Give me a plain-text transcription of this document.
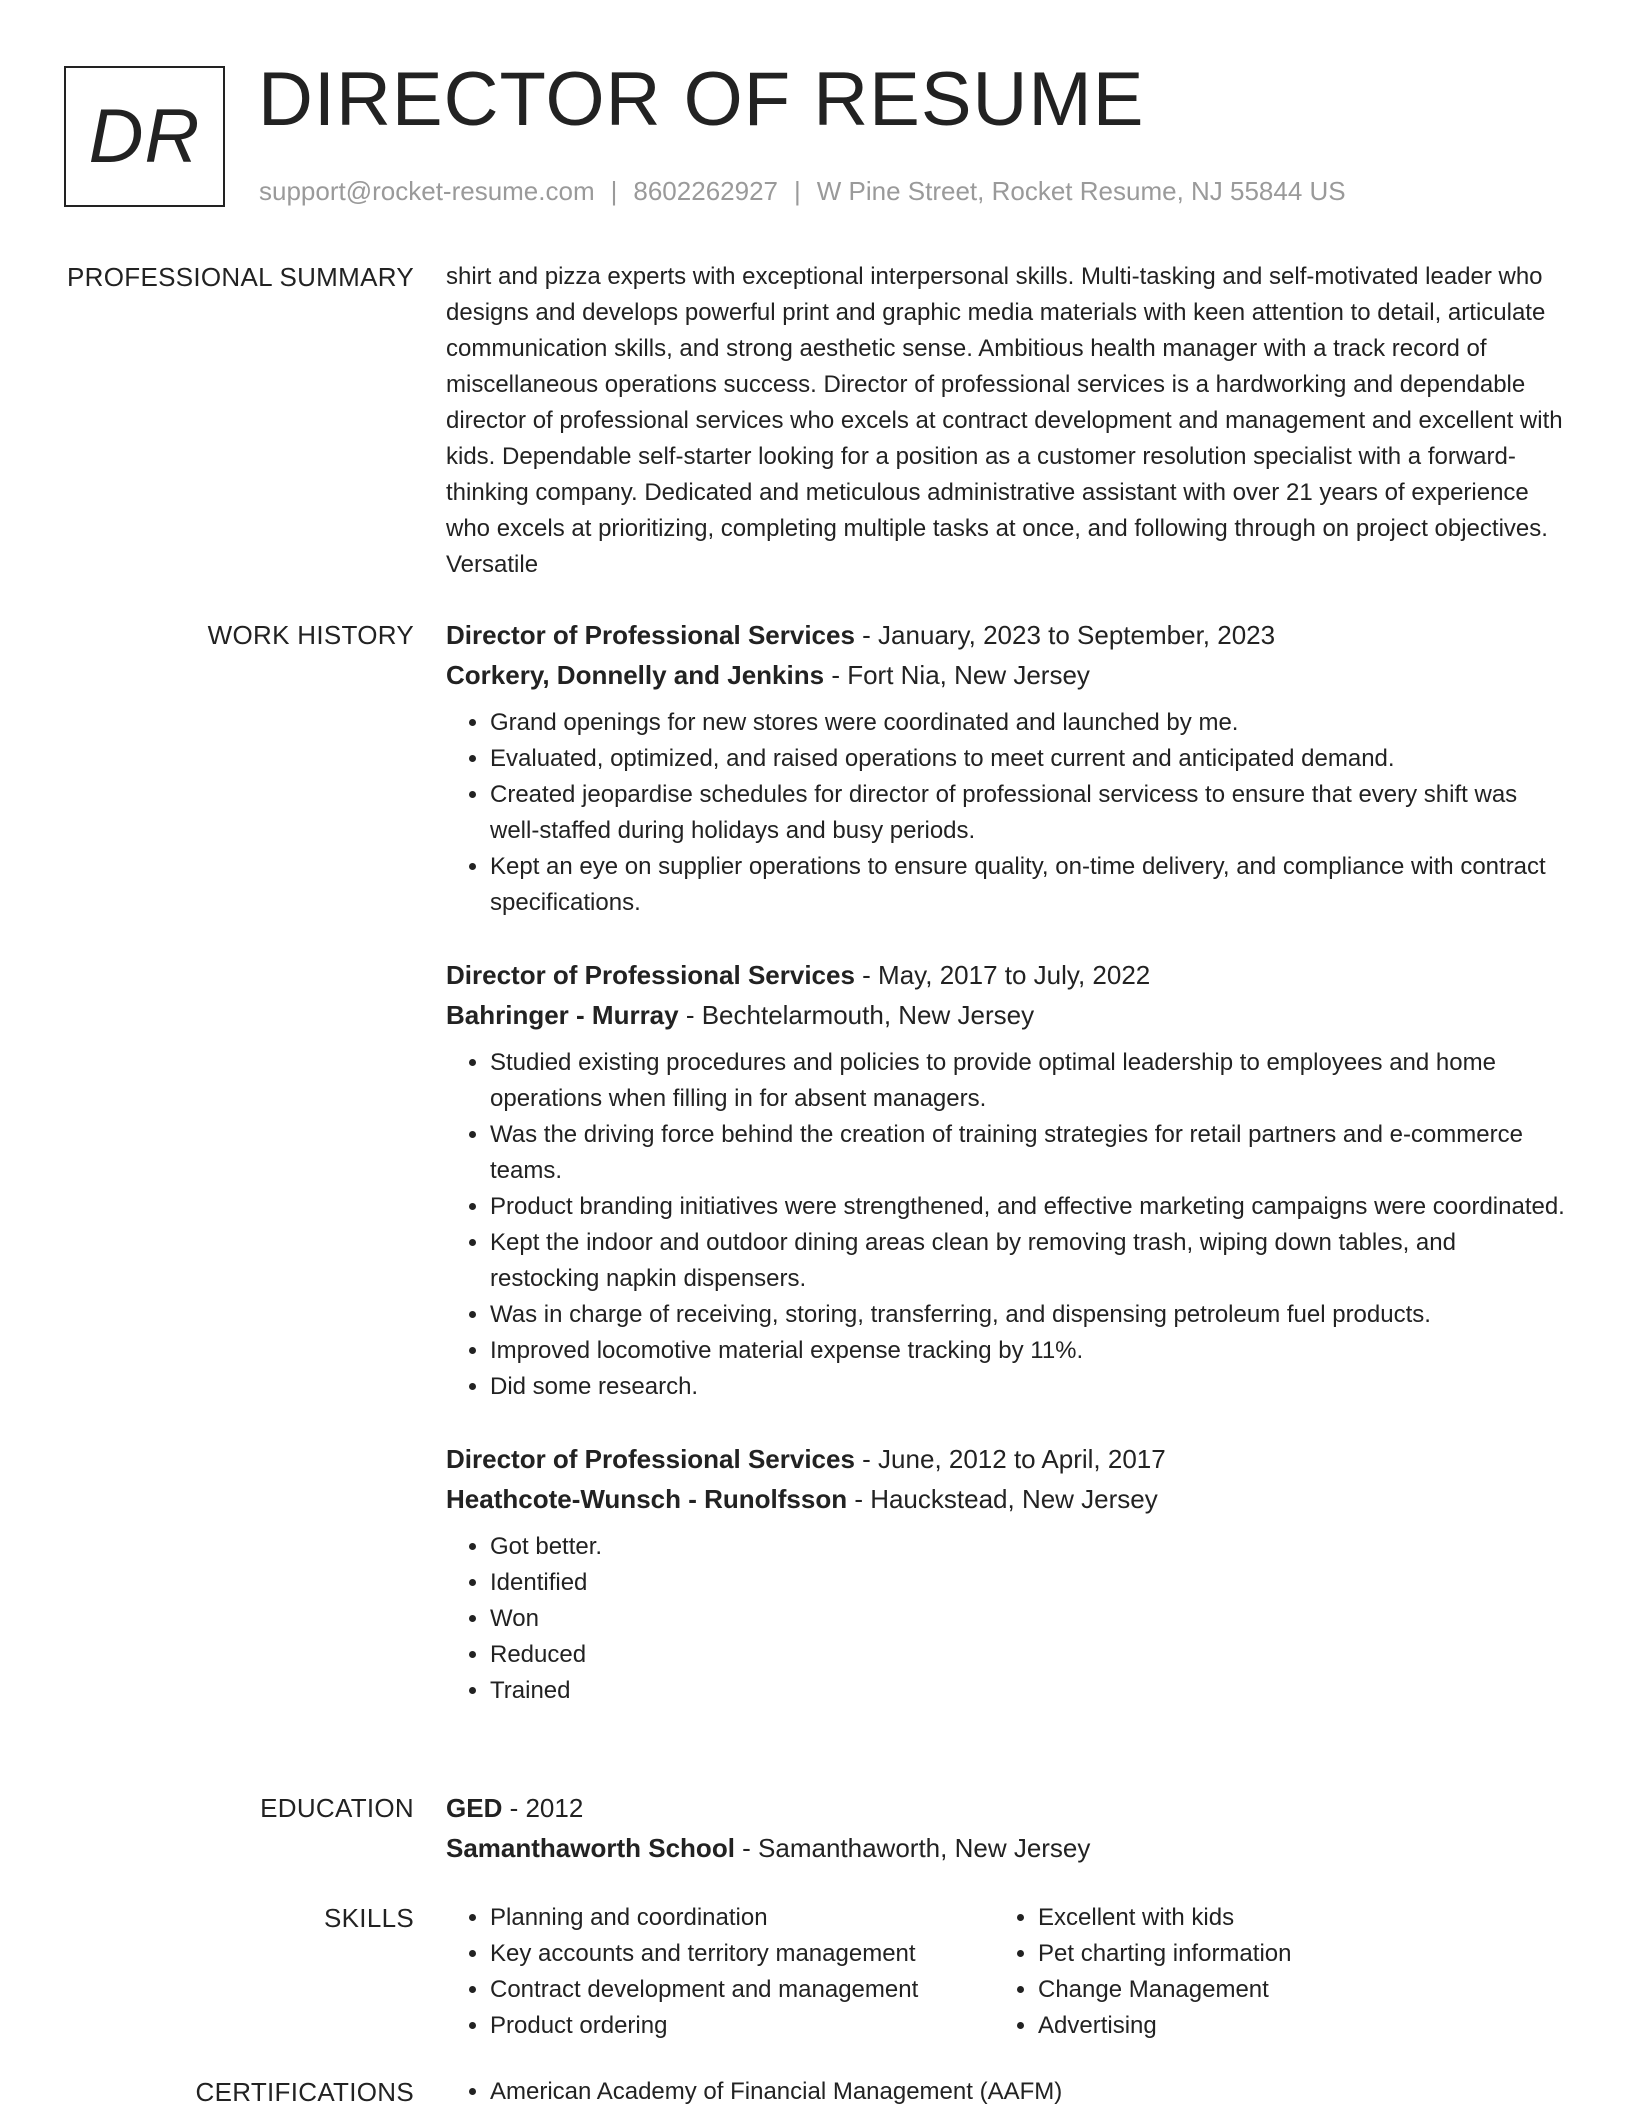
DR DIRECTOR OF RESUME
support@rocket-resume.com | 8602262927 | W Pine Street, Rocket Resume, NJ 55844 US
PROFESSIONAL SUMMARY shirt and pizza experts with exceptional interpersonal skills. Multi-tasking and self-motivated leader who designs and develops powerful print and graphic media materials with keen attention to detail, articulate communication skills, and strong aesthetic sense. Ambitious health manager with a track record of miscellaneous operations success. Director of professional services is a hardworking and dependable director of professional services who excels at contract development and management and excellent with kids. Dependable self-starter looking for a position as a customer resolution specialist with a forward-thinking company. Dedicated and meticulous administrative assistant with over 21 years of experience who excels at prioritizing, completing multiple tasks at once, and following through on project objectives. Versatile

WORK HISTORY Director of Professional Services - January, 2023 to September, 2023
Corkery, Donnelly and Jenkins - Fort Nia, New Jersey
• Grand openings for new stores were coordinated and launched by me.
• Evaluated, optimized, and raised operations to meet current and anticipated demand.
• Created jeopardise schedules for director of professional servicess to ensure that every shift was well-staffed during holidays and busy periods.
• Kept an eye on supplier operations to ensure quality, on-time delivery, and compliance with contract specifications.
Director of Professional Services - May, 2017 to July, 2022
Bahringer - Murray - Bechtelarmouth, New Jersey
• Studied existing procedures and policies to provide optimal leadership to employees and home operations when filling in for absent managers.
• Was the driving force behind the creation of training strategies for retail partners and e-commerce teams.
• Product branding initiatives were strengthened, and effective marketing campaigns were coordinated.
• Kept the indoor and outdoor dining areas clean by removing trash, wiping down tables, and restocking napkin dispensers.
• Was in charge of receiving, storing, transferring, and dispensing petroleum fuel products.
• Improved locomotive material expense tracking by 11%.
• Did some research.
Director of Professional Services - June, 2012 to April, 2017
Heathcote-Wunsch - Runolfsson - Hauckstead, New Jersey
• Got better.
• Identified
• Won
• Reduced
• Trained
EDUCATION GED - 2012
Samanthaworth School - Samanthaworth, New Jersey
SKILLS	• Planning and coordination
• Key accounts and territory management
• Contract development and management
• Product ordering
• Excellent with kids
• Pet charting information
• Change Management
• Advertising
CERTIFICATIONS	• American Academy of Financial Management (AAFM)
